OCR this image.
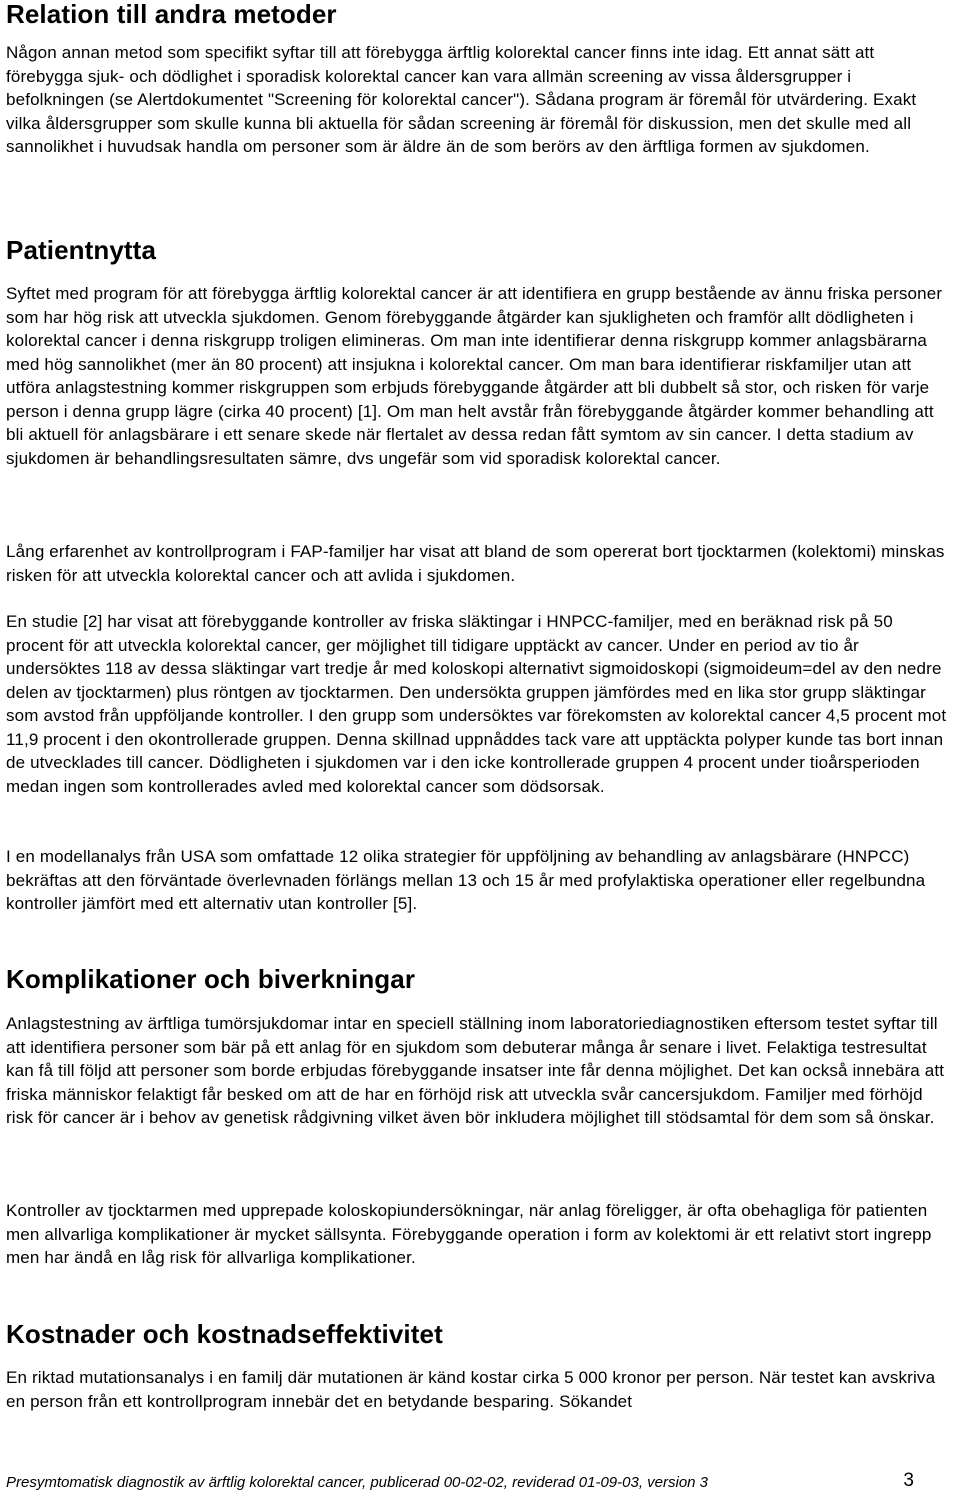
Relation till andra metoder

Någon annan metod som specifikt syftar till att förebygga ärftlig kolorektal cancer finns inte idag. Ett annat sätt att förebygga sjuk- och dödlighet i sporadisk kolorektal cancer kan vara allmän screening av vissa åldersgrupper i befolkningen (se Alertdokumentet "Screening för kolorektal cancer"). Sådana program är föremål för utvärdering. Exakt vilka åldersgrupper som skulle kunna bli aktuella för sådan screening är föremål för diskussion, men det skulle med all sannolikhet i huvudsak handla om personer som är äldre än de som berörs av den ärftliga formen av sjukdomen.

Patientnytta

Syftet med program för att förebygga ärftlig kolorektal cancer är att identifiera en grupp bestående av ännu friska personer som har hög risk att utveckla sjukdomen. Genom förebyggande åtgärder kan sjukligheten och framför allt dödligheten i kolorektal cancer i denna riskgrupp troligen elimineras. Om man inte identifierar denna riskgrupp kommer anlagsbärarna med hög sannolikhet (mer än 80 procent) att insjukna i kolorektal cancer. Om man bara identifierar riskfamiljer utan att utföra anlagstestning kommer riskgruppen som erbjuds förebyggande åtgärder att bli dubbelt så stor, och risken för varje person i denna grupp lägre (cirka 40 procent) [1]. Om man helt avstår från förebyggande åtgärder kommer behandling att bli aktuell för anlagsbärare i ett senare skede när flertalet av dessa redan fått symtom av sin cancer. I detta stadium av sjukdomen är behandlingsresultaten sämre, dvs ungefär som vid sporadisk kolorektal cancer.

Lång erfarenhet av kontrollprogram i FAP-familjer har visat att bland de som opererat bort tjocktarmen (kolektomi) minskas risken för att utveckla kolorektal cancer och att avlida i sjukdomen.

En studie [2] har visat att förebyggande kontroller av friska släktingar i HNPCC-familjer, med en beräknad risk på 50 procent för att utveckla kolorektal cancer, ger möjlighet till tidigare upptäckt av cancer. Under en period av tio år undersöktes 118 av dessa släktingar vart tredje år med koloskopi alternativt sigmoidoskopi (sigmoideum=del av den nedre delen av tjocktarmen) plus röntgen av tjocktarmen. Den undersökta gruppen jämfördes med en lika stor grupp släktingar som avstod från uppföljande kontroller. I den grupp som undersöktes var förekomsten av kolorektal cancer 4,5 procent mot 11,9 procent i den okontrollerade gruppen. Denna skillnad uppnåddes tack vare att upptäckta polyper kunde tas bort innan de utvecklades till cancer. Dödligheten i sjukdomen var i den icke kontrollerade gruppen 4 procent under tioårsperioden medan ingen som kontrollerades avled med kolorektal cancer som dödsorsak.

I en modellanalys från USA som omfattade 12 olika strategier för uppföljning av behandling av anlagsbärare (HNPCC) bekräftas att den förväntade överlevnaden förlängs mellan 13 och 15 år med profylaktiska operationer eller regelbundna kontroller jämfört med ett alternativ utan kontroller [5].

Komplikationer och biverkningar

Anlagstestning av ärftliga tumörsjukdomar intar en speciell ställning inom laboratoriediagnostiken eftersom testet syftar till att identifiera personer som bär på ett anlag för en sjukdom som debuterar många år senare i livet. Felaktiga testresultat kan få till följd att personer som borde erbjudas förebyggande insatser inte får denna möjlighet. Det kan också innebära att friska människor felaktigt får besked om att de har en förhöjd risk att utveckla svår cancersjukdom. Familjer med förhöjd risk för cancer är i behov av genetisk rådgivning vilket även bör inkludera möjlighet till stödsamtal för dem som så önskar.

Kontroller av tjocktarmen med upprepade koloskopiundersökningar, när anlag föreligger, är ofta obehagliga för patienten men allvarliga komplikationer är mycket sällsynta. Förebyggande operation i form av kolektomi är ett relativt stort ingrepp men har ändå en låg risk för allvarliga komplikationer.

Kostnader och kostnadseffektivitet

En riktad mutationsanalys i en familj där mutationen är känd kostar cirka 5 000 kronor per person. När testet kan avskriva en person från ett kontrollprogram innebär det en betydande besparing. Sökandet

Presymtomatisk diagnostik av ärftlig kolorektal cancer, publicerad 00-02-02, reviderad 01-09-03, version 3	3
